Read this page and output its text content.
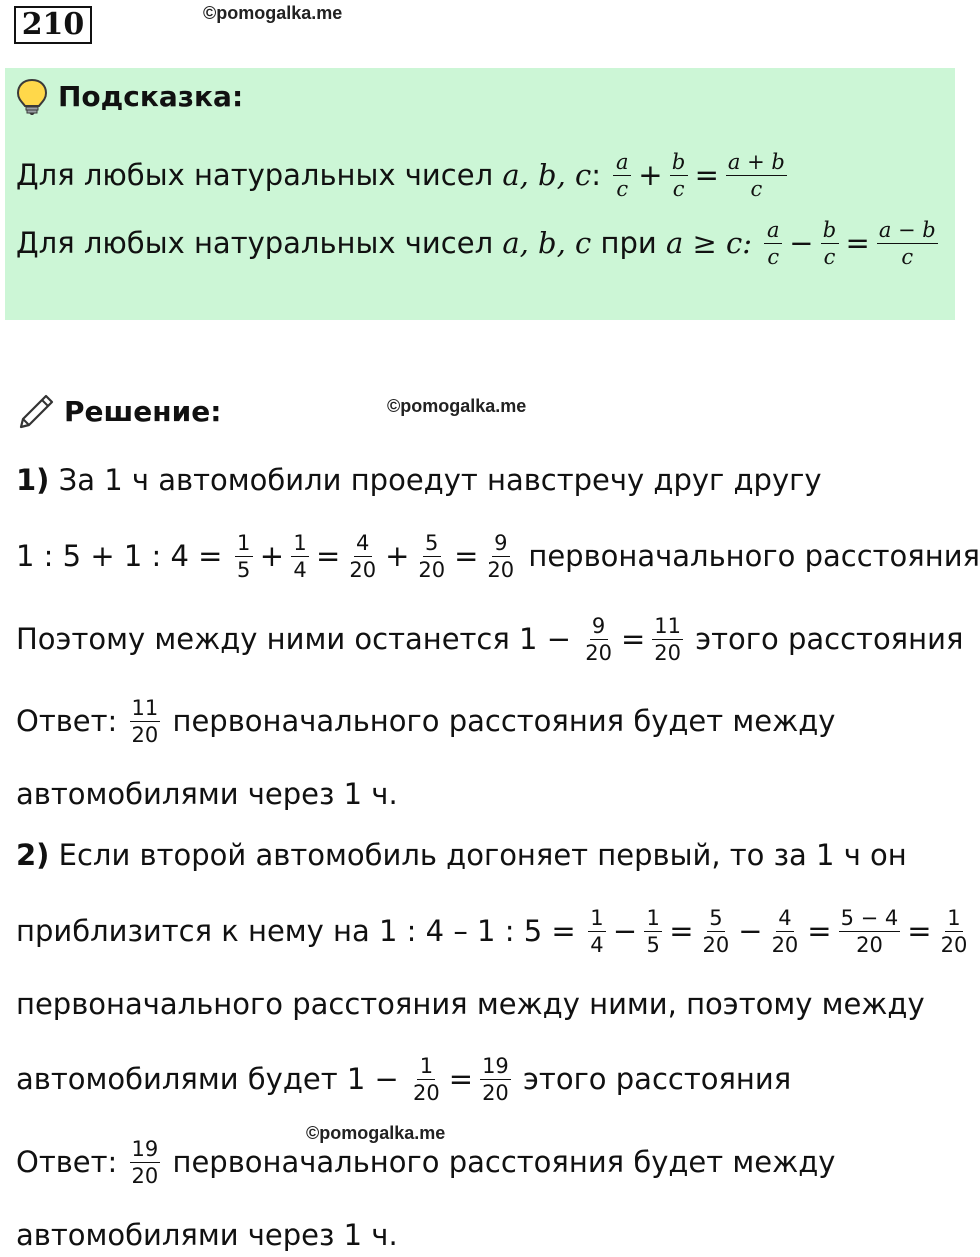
210	©pomogalka.me
Подсказка:
Для любых натуральных чисел
a, b, c : $\frac{a}{c} + \frac{b}{c} = \frac{a + b}{c}$
Для любых натуральных чисел
a, b, c
при
a ≥ c:
$\frac{a}{c} - \frac{b}{c} = \frac{a - b}{c}$
Решение:	©pomogalka.me
1)
За 1 ч автомобили проедут навстречу друг другу
1 : 5 + 1 : 4 =
$\frac{1}{5} + \frac{1}{4} = \frac{4}{20} + \frac{5}{20} = \frac{9}{20}$
первоначального расстояния
Поэтому между ними останется 1 −
$\frac{9}{20} = \frac{11}{20}$
этого расстояния
Ответ:
$\frac{11}{20}$
первоначального расстояния будет между
автомобилями через 1 ч.
2)
Если второй автомобиль догоняет первый, то за 1 ч он
приблизится к нему на 1 : 4 – 1 : 5 =
$\frac{1}{4} - \frac{1}{5} = \frac{5}{20} - \frac{4}{20} = \frac{5 - 4}{20} = \frac{1}{20}$
первоначального расстояния между ними, поэтому между
автомобилями будет 1 −
$\frac{1}{20} = \frac{19}{20}$
этого расстояния
©pomogalka.me
Ответ:
$\frac{19}{20}$
первоначального расстояния будет между
автомобилями через 1 ч.
